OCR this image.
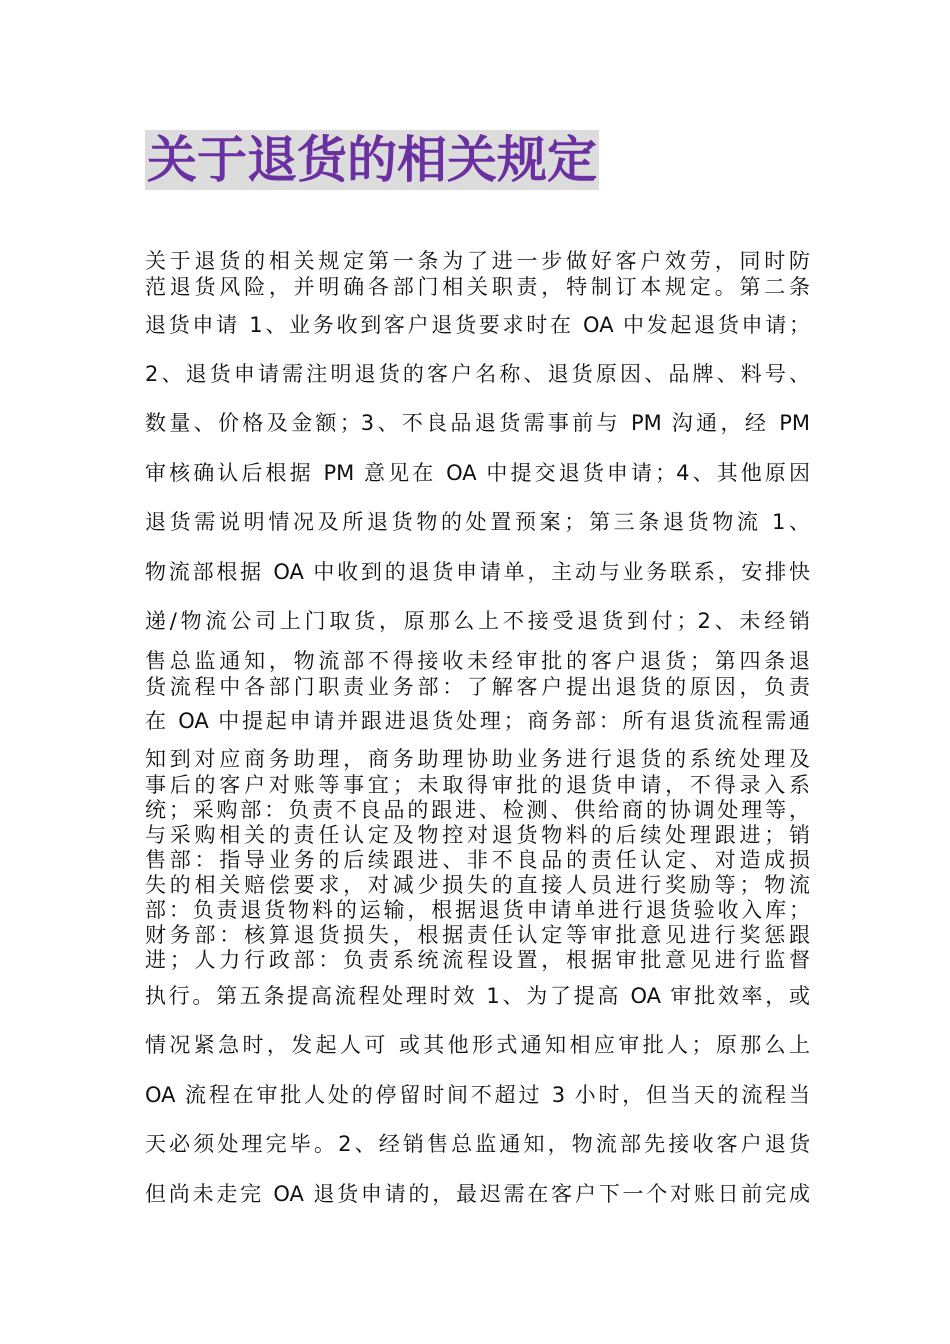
关于退货的相关规定

关于退货的相关规定第一条为了进一步做好客户效劳，同时防

范退货风险，并明确各部门相关职责，特制订本规定。第二条

退货申请 1、业务收到客户退货要求时在 OA 中发起退货申请；

2、退货申请需注明退货的客户名称、退货原因、品牌、料号、

数量、价格及金额；3、不良品退货需事前与 PM 沟通，经 PM

审核确认后根据 PM 意见在 OA 中提交退货申请；4、其他原因

退货需说明情况及所退货物的处置预案；第三条退货物流 1、

物流部根据 OA 中收到的退货申请单，主动与业务联系，安排快

递/物流公司上门取货，原那么上不接受退货到付；2、未经销

售总监通知，物流部不得接收未经审批的客户退货；第四条退

货流程中各部门职责业务部：了解客户提出退货的原因，负责

在 OA 中提起申请并跟进退货处理；商务部：所有退货流程需通

知到对应商务助理，商务助理协助业务进行退货的系统处理及

事后的客户对账等事宜；未取得审批的退货申请，不得录入系

统；采购部：负责不良品的跟进、检测、供给商的协调处理等，

与采购相关的责任认定及物控对退货物料的后续处理跟进；销

售部：指导业务的后续跟进、非不良品的责任认定、对造成损

失的相关赔偿要求，对减少损失的直接人员进行奖励等；物流

部：负责退货物料的运输，根据退货申请单进行退货验收入库；

财务部：核算退货损失，根据责任认定等审批意见进行奖惩跟

进；人力行政部：负责系统流程设置，根据审批意见进行监督

执行。第五条提高流程处理时效 1、为了提高 OA 审批效率，或

情况紧急时，发起人可 或其他形式通知相应审批人；原那么上

OA 流程在审批人处的停留时间不超过 3 小时，但当天的流程当

天必须处理完毕。2、经销售总监通知，物流部先接收客户退货

但尚未走完 OA 退货申请的，最迟需在客户下一个对账日前完成
